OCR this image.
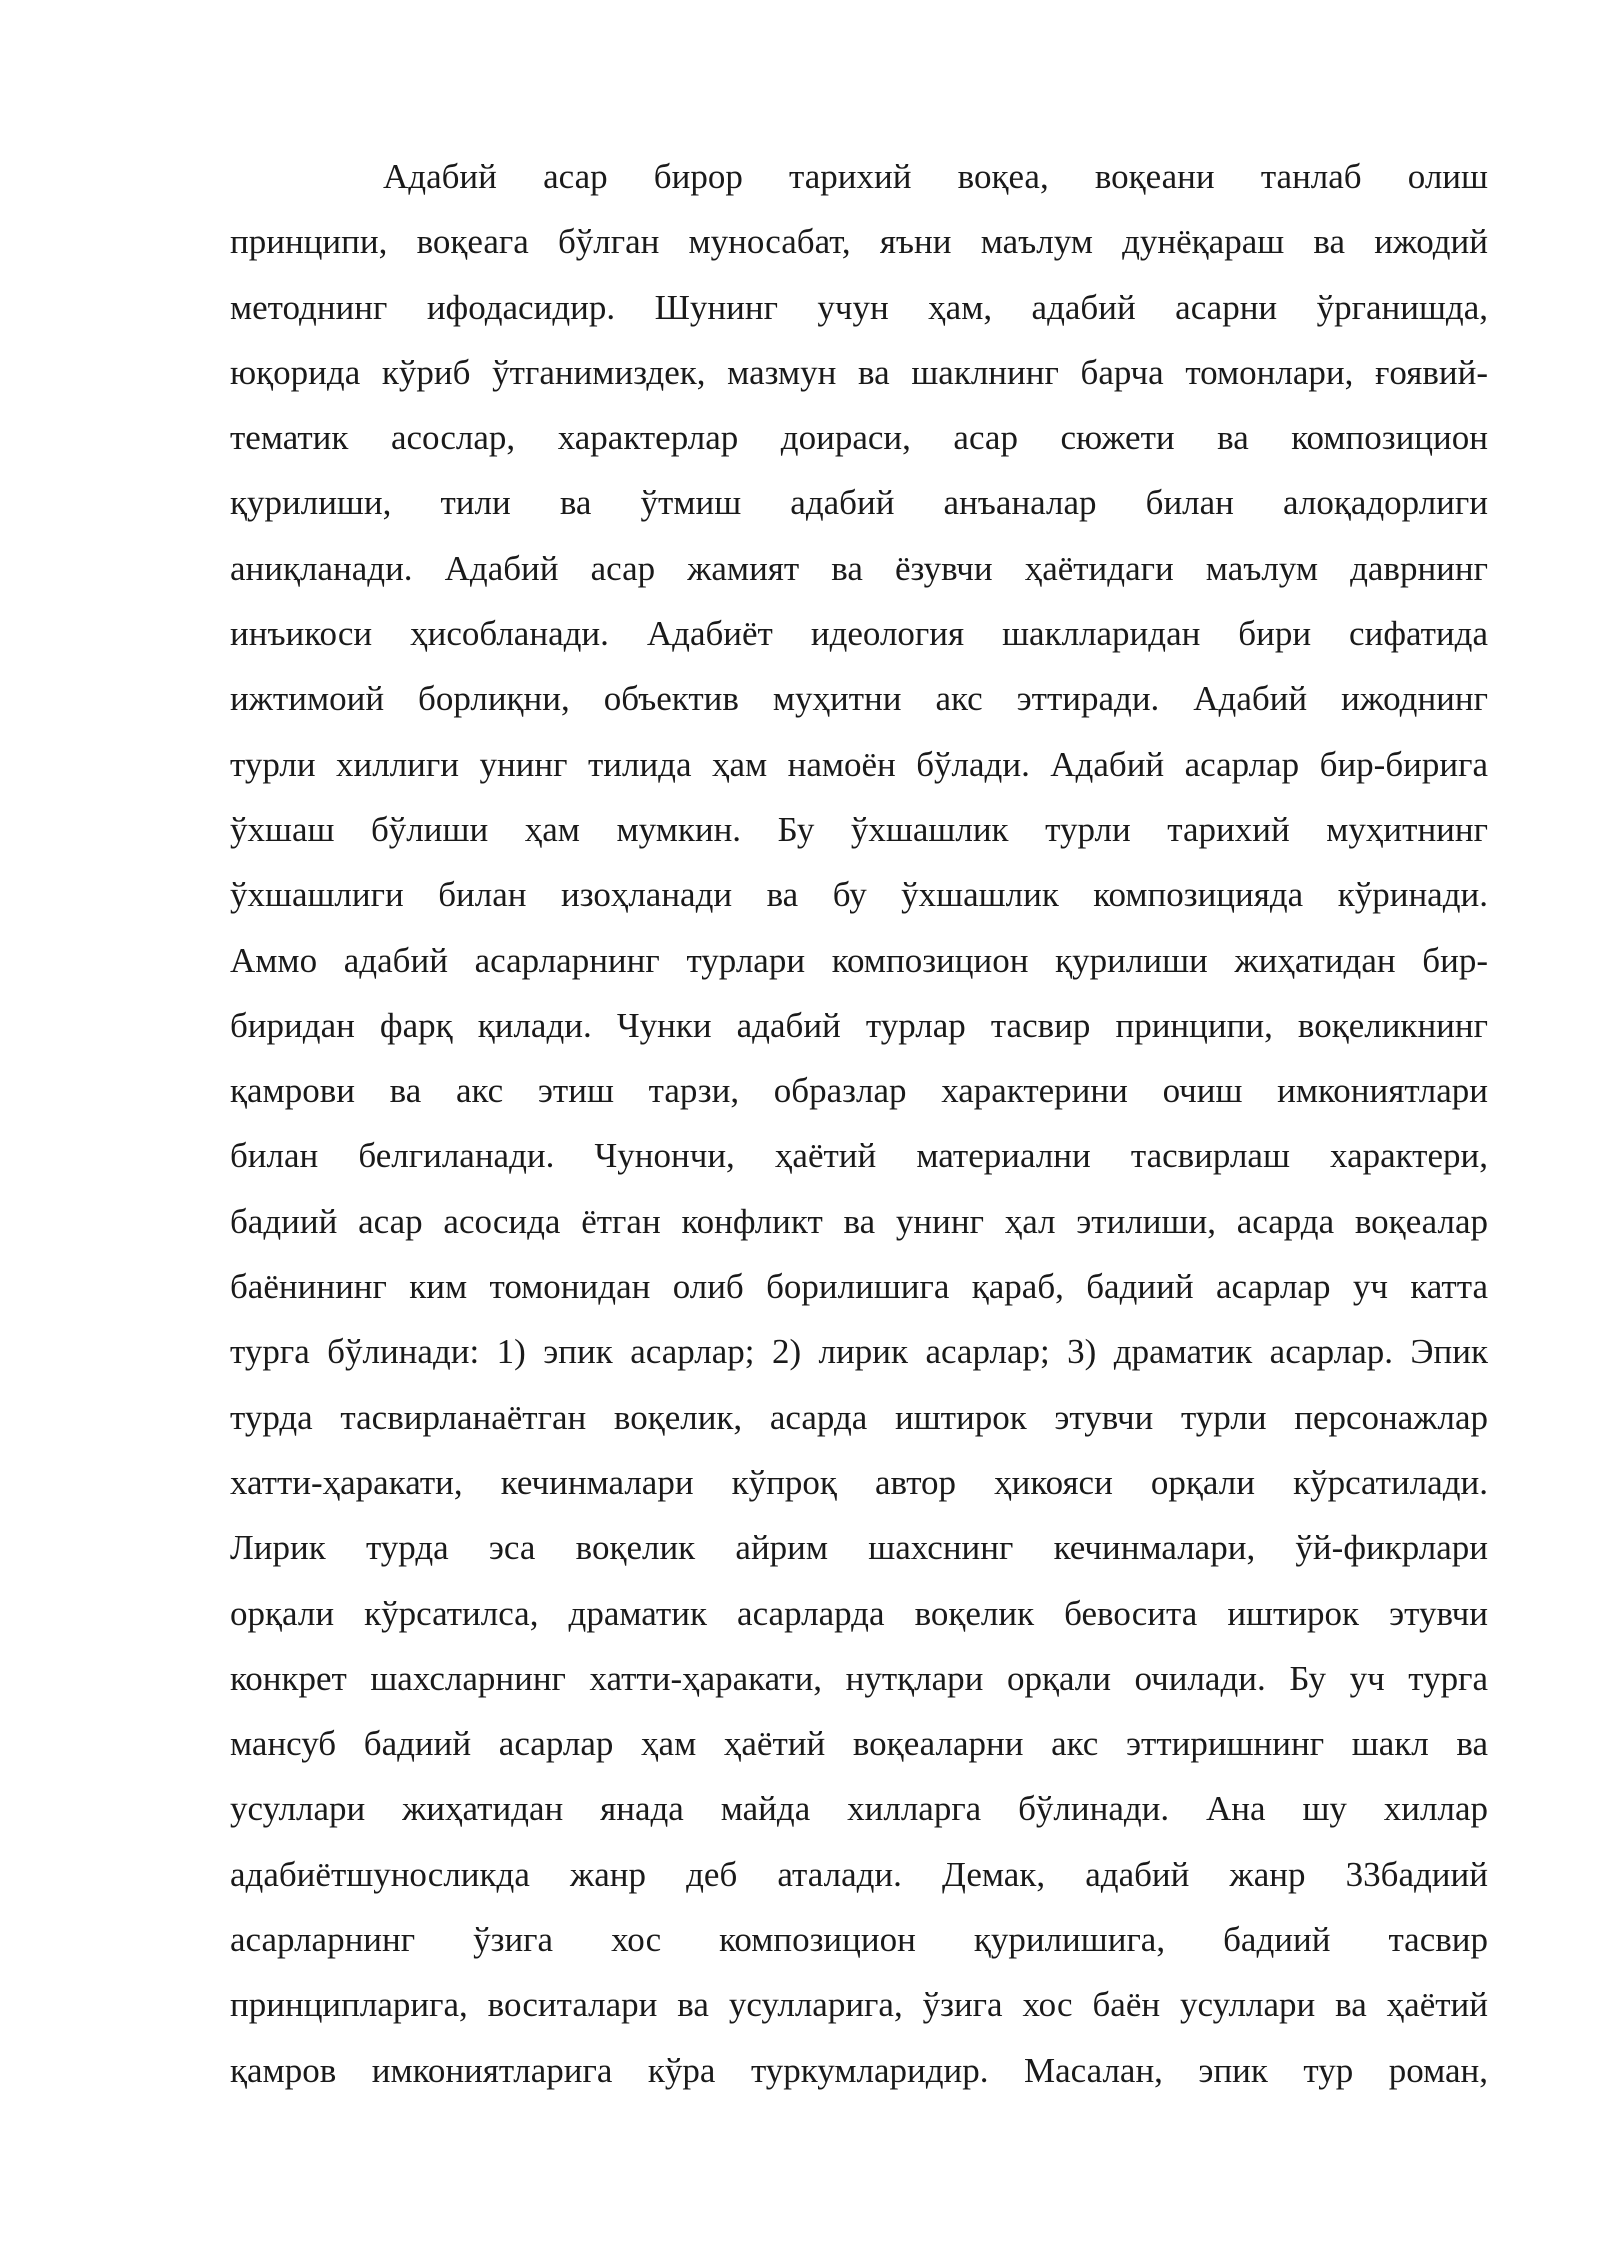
Адабий асар бирор тарихий воқеа, воқеани танлаб олиш
принципи, воқеага бўлган муносабат, яъни маълум дунёқараш ва ижодий
методнинг ифодасидир. Шунинг учун ҳам, адабий асарни ўрганишда,
юқорида кўриб ўтганимиздек, мазмун ва шаклнинг барча томонлари, ғоявий-
тематик асослар, характерлар доираси, асар сюжети ва композицион
қурилиши, тили ва ўтмиш адабий анъаналар билан алоқадорлиги
аниқланади. Адабий асар жамият ва ёзувчи ҳаётидаги маълум даврнинг
инъикоси ҳисобланади. Адабиёт идеология шаклларидан бири сифатида
ижтимоий борлиқни, объектив муҳитни акс эттиради. Адабий ижоднинг
турли хиллиги унинг тилида ҳам намоён бўлади. Адабий асарлар бир-бирига
ўхшаш бўлиши ҳам мумкин. Бу ўхшашлик турли тарихий муҳитнинг
ўхшашлиги билан изоҳланади ва бу ўхшашлик композицияда кўринади.
Аммо адабий асарларнинг турлари композицион қурилиши жиҳатидан бир-
биридан фарқ қилади. Чунки адабий турлар тасвир принципи, воқеликнинг
қамрови ва акс этиш тарзи, образлар характерини очиш имкониятлари
билан белгиланади. Чунончи, ҳаётий материални тасвирлаш характери,
бадиий асар асосида ётган конфликт ва унинг ҳал этилиши, асарда воқеалар
баёнининг ким томонидан олиб борилишига қараб, бадиий асарлар уч катта
турга бўлинади: 1) эпик асарлар; 2) лирик асарлар; 3) драматик асарлар. Эпик
турда тасвирланаётган воқелик, асарда иштирок этувчи турли персонажлар
хатти-ҳаракати, кечинмалари кўпроқ автор ҳикояси орқали кўрсатилади.
Лирик турда эса воқелик айрим шахснинг кечинмалари, ўй-фикрлари
орқали кўрсатилса, драматик асарларда воқелик бевосита иштирок этувчи
конкрет шахсларнинг хатти-ҳаракати, нутқлари орқали очилади. Бу уч турга
мансуб бадиий асарлар ҳам ҳаётий воқеаларни акс эттиришнинг шакл ва
усуллари жиҳатидан янада майда хилларга бўлинади. Ана шу хиллар
адабиётшуносликда жанр деб аталади. Демак, адабий жанр 33бадиий
асарларнинг ўзига хос композицион қурилишига, бадиий тасвир
принципларига, воситалари ва усулларига, ўзига хос баён усуллари ва ҳаётий
қамров имкониятларига кўра туркумларидир. Масалан, эпик тур роман,
